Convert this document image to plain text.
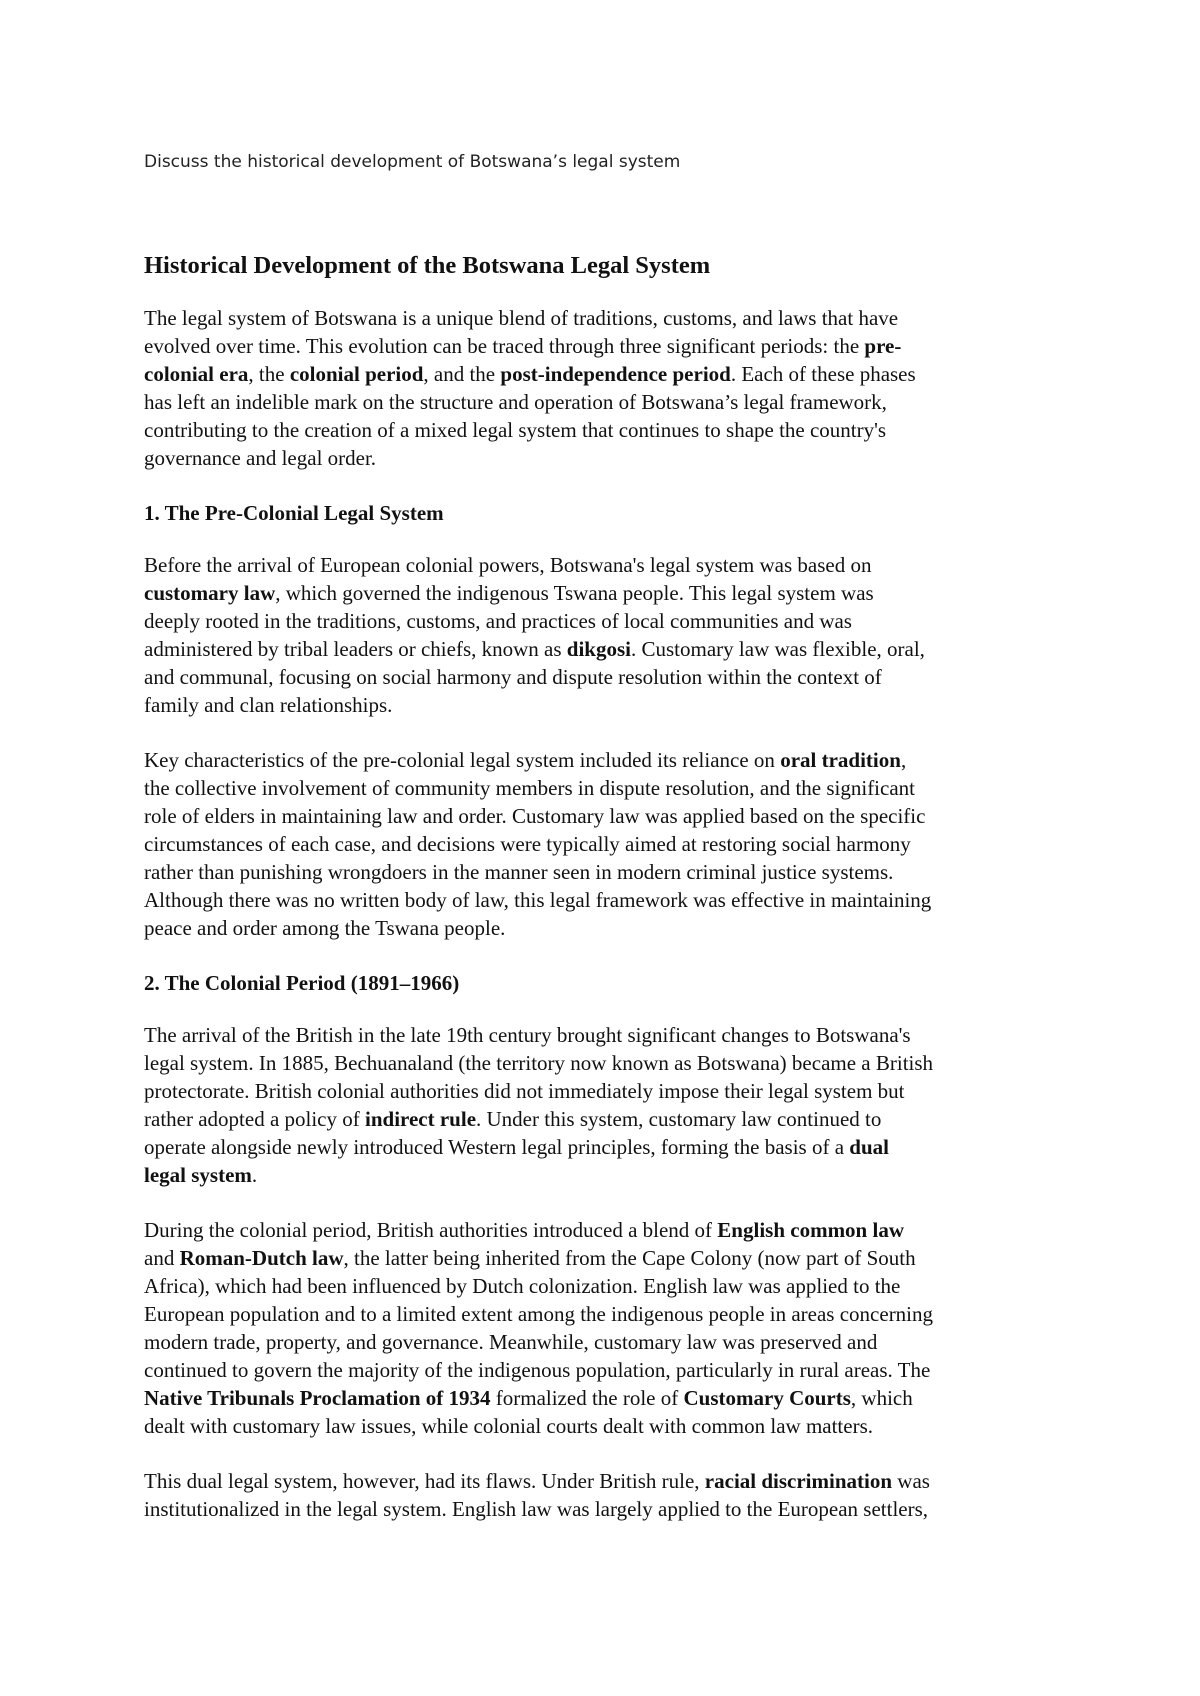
Discuss the historical development of Botswana’s legal system
Historical Development of the Botswana Legal System

The legal system of Botswana is a unique blend of traditions, customs, and laws that have
evolved over time. This evolution can be traced through three significant periods: the pre-
colonial era, the colonial period, and the post-independence period. Each of these phases
has left an indelible mark on the structure and operation of Botswana’s legal framework,
contributing to the creation of a mixed legal system that continues to shape the country's
governance and legal order.

1. The Pre-Colonial Legal System

Before the arrival of European colonial powers, Botswana's legal system was based on
customary law, which governed the indigenous Tswana people. This legal system was
deeply rooted in the traditions, customs, and practices of local communities and was
administered by tribal leaders or chiefs, known as dikgosi. Customary law was flexible, oral,
and communal, focusing on social harmony and dispute resolution within the context of
family and clan relationships.

Key characteristics of the pre-colonial legal system included its reliance on oral tradition,
the collective involvement of community members in dispute resolution, and the significant
role of elders in maintaining law and order. Customary law was applied based on the specific
circumstances of each case, and decisions were typically aimed at restoring social harmony
rather than punishing wrongdoers in the manner seen in modern criminal justice systems.
Although there was no written body of law, this legal framework was effective in maintaining
peace and order among the Tswana people.

2. The Colonial Period (1891–1966)

The arrival of the British in the late 19th century brought significant changes to Botswana's
legal system. In 1885, Bechuanaland (the territory now known as Botswana) became a British
protectorate. British colonial authorities did not immediately impose their legal system but
rather adopted a policy of indirect rule. Under this system, customary law continued to
operate alongside newly introduced Western legal principles, forming the basis of a dual
legal system.

During the colonial period, British authorities introduced a blend of English common law
and Roman-Dutch law, the latter being inherited from the Cape Colony (now part of South
Africa), which had been influenced by Dutch colonization. English law was applied to the
European population and to a limited extent among the indigenous people in areas concerning
modern trade, property, and governance. Meanwhile, customary law was preserved and
continued to govern the majority of the indigenous population, particularly in rural areas. The
Native Tribunals Proclamation of 1934 formalized the role of Customary Courts, which
dealt with customary law issues, while colonial courts dealt with common law matters.

This dual legal system, however, had its flaws. Under British rule, racial discrimination was
institutionalized in the legal system. English law was largely applied to the European settlers,
